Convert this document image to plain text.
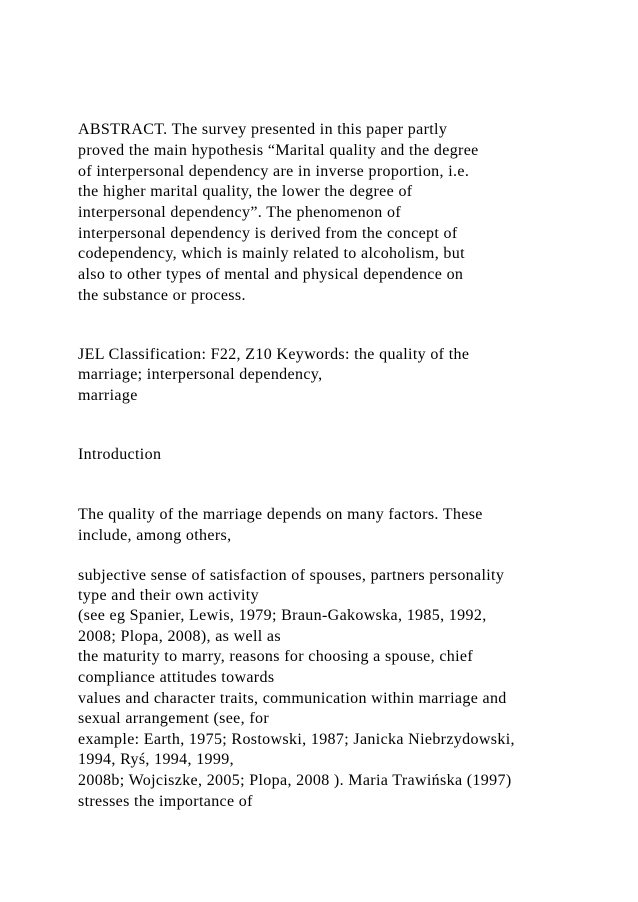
ABSTRACT. The survey presented in this paper partly

proved the main hypothesis “Marital quality and the degree

of interpersonal dependency are in inverse proportion, i.e.

the higher marital quality, the lower the degree of

interpersonal dependency”. The phenomenon of

interpersonal dependency is derived from the concept of

codependency, which is mainly related to alcoholism, but

also to other types of mental and physical dependence on

the substance or process.

JEL Classification: F22, Z10 Keywords: the quality of the

marriage; interpersonal dependency,

marriage

Introduction

The quality of the marriage depends on many factors. These

include, among others,

subjective sense of satisfaction of spouses, partners personality

type and their own activity

(see eg Spanier, Lewis, 1979; Braun-Gakowska, 1985, 1992,

2008; Plopa, 2008), as well as

the maturity to marry, reasons for choosing a spouse, chief

compliance attitudes towards

values and character traits, communication within marriage and

sexual arrangement (see, for

example: Earth, 1975; Rostowski, 1987; Janicka Niebrzydowski,

1994, Ryś, 1994, 1999,

2008b; Wojciszke, 2005; Plopa, 2008 ). Maria Trawińska (1997)

stresses the importance of
